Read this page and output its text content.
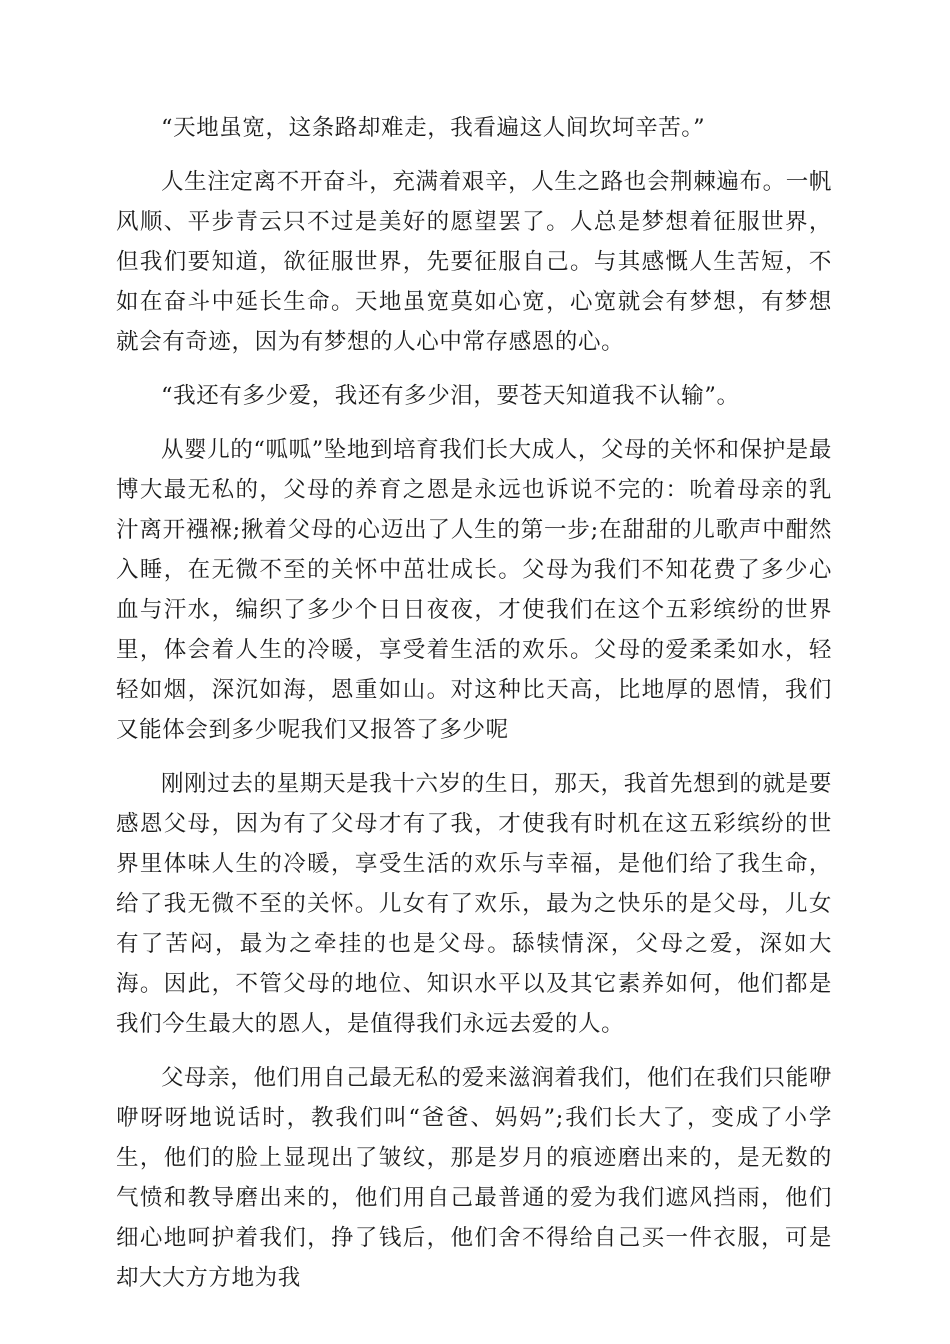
“天地虽宽，这条路却难走，我看遍这人间坎坷辛苦。”

人生注定离不开奋斗，充满着艰辛，人生之路也会荆棘遍布。一帆风顺、平步青云只不过是美好的愿望罢了。人总是梦想着征服世界，但我们要知道，欲征服世界，先要征服自己。与其感慨人生苦短，不如在奋斗中延长生命。天地虽宽莫如心宽，心宽就会有梦想，有梦想就会有奇迹，因为有梦想的人心中常存感恩的心。

“我还有多少爱，我还有多少泪，要苍天知道我不认输”。

从婴儿的“呱呱”坠地到培育我们长大成人，父母的关怀和保护是最博大最无私的，父母的养育之恩是永远也诉说不完的：吮着母亲的乳汁离开襁褓;揪着父母的心迈出了人生的第一步;在甜甜的儿歌声中酣然入睡，在无微不至的关怀中茁壮成长。父母为我们不知花费了多少心血与汗水，编织了多少个日日夜夜，才使我们在这个五彩缤纷的世界里，体会着人生的冷暖，享受着生活的欢乐。父母的爱柔柔如水，轻轻如烟，深沉如海，恩重如山。对这种比天高，比地厚的恩情，我们又能体会到多少呢我们又报答了多少呢

刚刚过去的星期天是我十六岁的生日，那天，我首先想到的就是要感恩父母，因为有了父母才有了我，才使我有时机在这五彩缤纷的世界里体味人生的冷暖，享受生活的欢乐与幸福，是他们给了我生命，给了我无微不至的关怀。儿女有了欢乐，最为之快乐的是父母，儿女有了苦闷，最为之牵挂的也是父母。舔犊情深，父母之爱，深如大海。因此，不管父母的地位、知识水平以及其它素养如何，他们都是我们今生最大的恩人，是值得我们永远去爱的人。

父母亲，他们用自己最无私的爱来滋润着我们，他们在我们只能咿咿呀呀地说话时，教我们叫“爸爸、妈妈”;我们长大了，变成了小学生，他们的脸上显现出了皱纹，那是岁月的痕迹磨出来的，是无数的气愤和教导磨出来的，他们用自己最普通的爱为我们遮风挡雨，他们细心地呵护着我们，挣了钱后，他们舍不得给自己买一件衣服，可是却大大方方地为我
